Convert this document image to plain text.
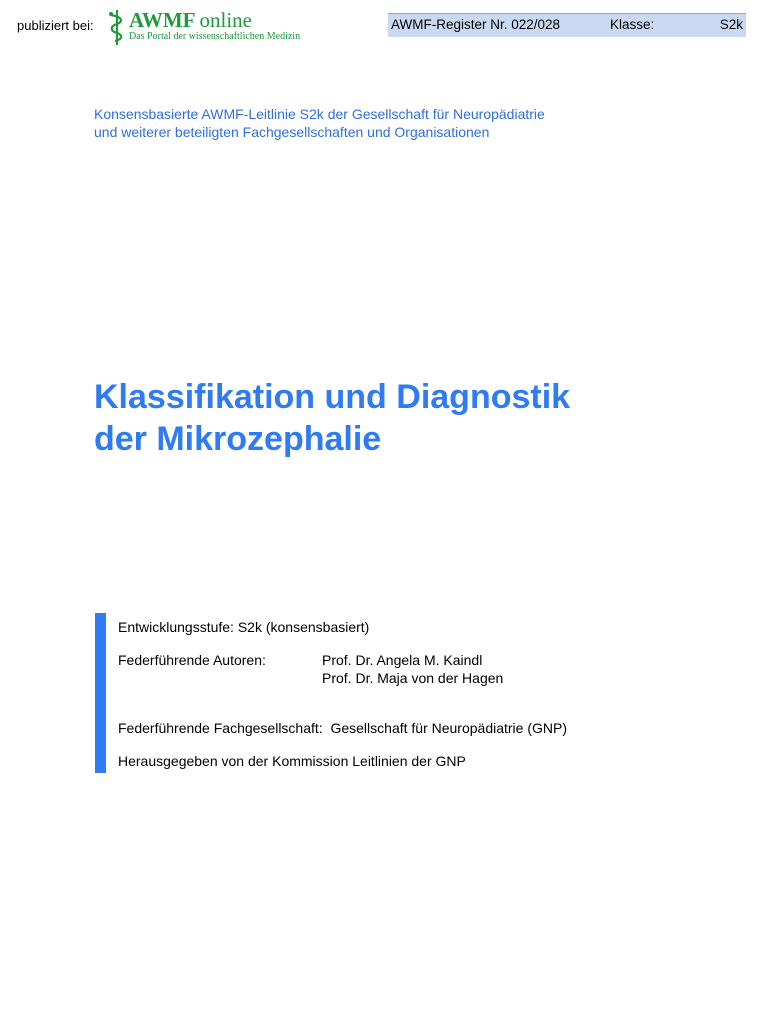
publiziert bei: AWMF online
Das Portal der wissenschaftlichen Medizin
AWMF-Register Nr. 022/028	Klasse:	S2k
Konsensbasierte AWMF-Leitlinie S2k der Gesellschaft für Neuropädiatrie
und weiterer beteiligten Fachgesellschaften und Organisationen
Klassifikation und Diagnostik
der Mikrozephalie
Entwicklungsstufe: S2k (konsensbasiert)
Federführende Autoren:	Prof. Dr. Angela M. Kaindl
Prof. Dr. Maja von der Hagen
Federführende Fachgesellschaft: Gesellschaft für Neuropädiatrie (GNP)
Herausgegeben von der Kommission Leitlinien der GNP
